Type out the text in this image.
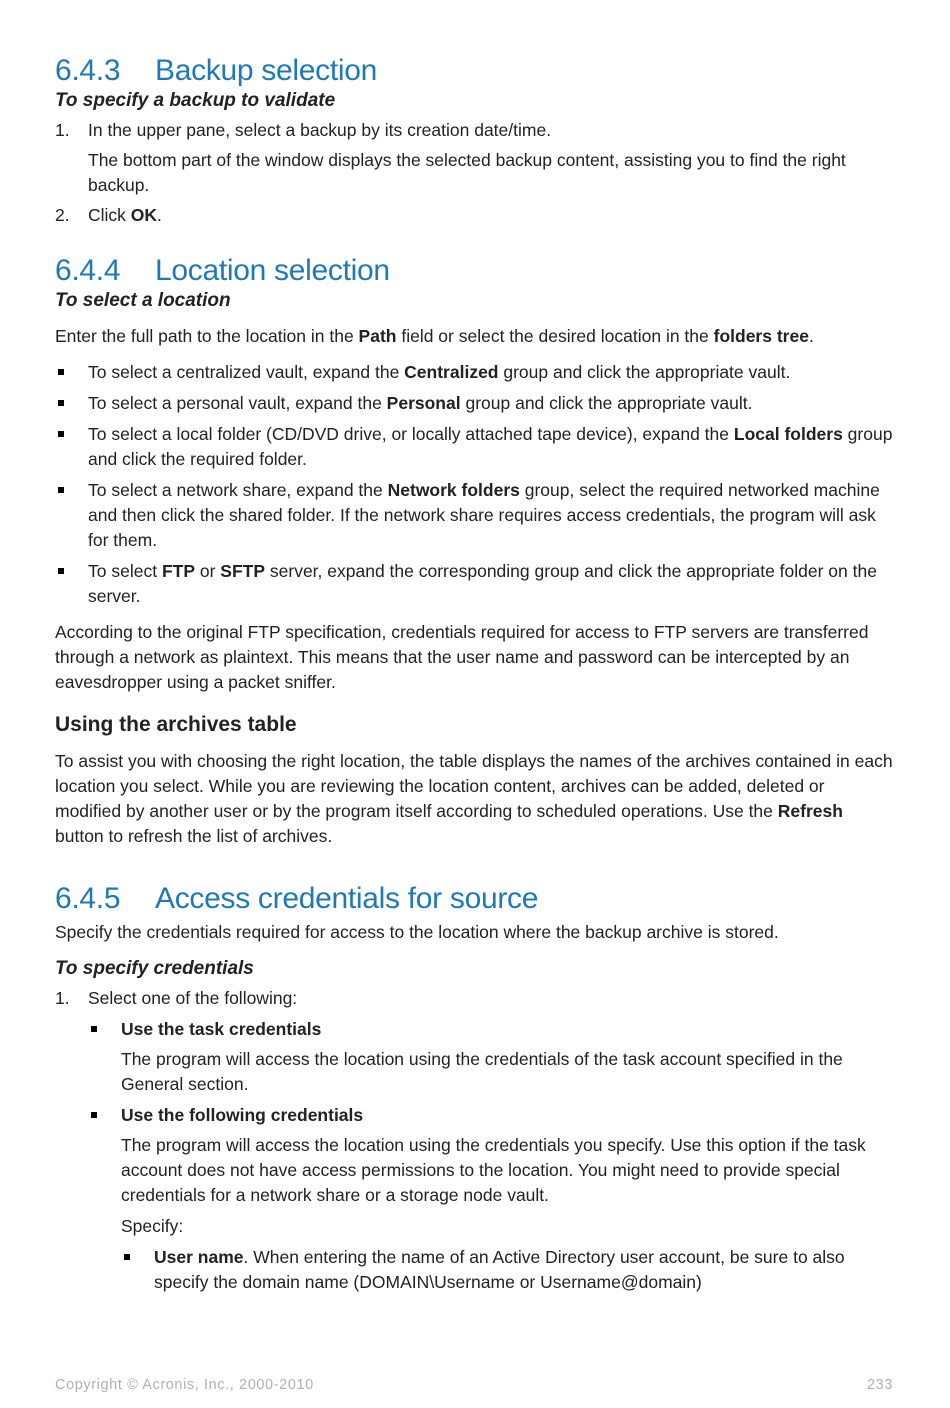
6.4.3 Backup selection
To specify a backup to validate
1. In the upper pane, select a backup by its creation date/time.

The bottom part of the window displays the selected backup content, assisting you to find the right backup.

2. Click OK.
6.4.4 Location selection
To select a location

Enter the full path to the location in the Path field or select the desired location in the folders tree.

To select a centralized vault, expand the Centralized group and click the appropriate vault.
To select a personal vault, expand the Personal group and click the appropriate vault.
To select a local folder (CD/DVD drive, or locally attached tape device), expand the Local folders group and click the required folder.
To select a network share, expand the Network folders group, select the required networked machine and then click the shared folder. If the network share requires access credentials, the program will ask for them.
To select FTP or SFTP server, expand the corresponding group and click the appropriate folder on the server.

According to the original FTP specification, credentials required for access to FTP servers are transferred through a network as plaintext. This means that the user name and password can be intercepted by an eavesdropper using a packet sniffer.

Using the archives table

To assist you with choosing the right location, the table displays the names of the archives contained in each location you select. While you are reviewing the location content, archives can be added, deleted or modified by another user or by the program itself according to scheduled operations. Use the Refresh button to refresh the list of archives.

6.4.5 Access credentials for source

Specify the credentials required for access to the location where the backup archive is stored.

To specify credentials
1. Select one of the following:
Use the task credentials

The program will access the location using the credentials of the task account specified in the General section.

Use the following credentials

The program will access the location using the credentials you specify. Use this option if the task account does not have access permissions to the location. You might need to provide special credentials for a network share or a storage node vault.

Specify:

User name. When entering the name of an Active Directory user account, be sure to also specify the domain name (DOMAIN\Username or Username@domain)
Copyright © Acronis, Inc., 2000-2010	233
